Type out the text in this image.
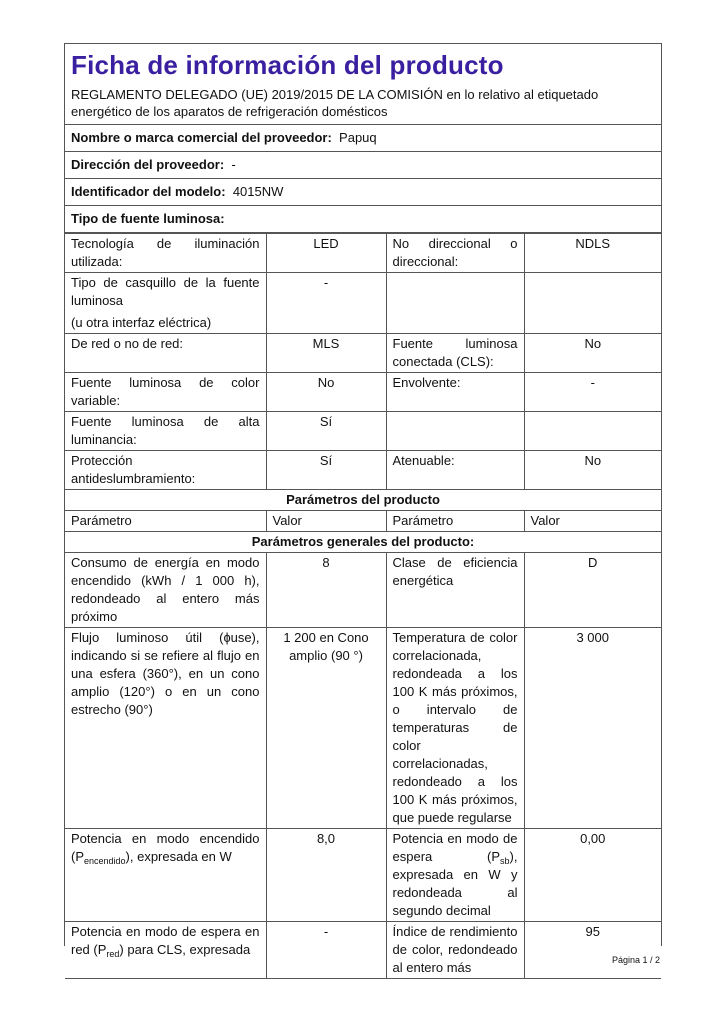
Ficha de información del producto
REGLAMENTO DELEGADO (UE) 2019/2015 DE LA COMISIÓN en lo relativo al etiquetado energético de los aparatos de refrigeración domésticos
Nombre o marca comercial del proveedor: Papuq
Dirección del proveedor: -
Identificador del modelo: 4015NW
Tipo de fuente luminosa:
Tecnología de iluminación utilizada:	LED	No direccional o direccional:	NDLS

Tipo de casquillo de la fuente luminosa
(u otra interfaz eléctrica)	-		
De red o no de red:	MLS	Fuente luminosa conectada (CLS):	No
Fuente luminosa de color variable:	No	Envolvente:	-
Fuente luminosa de alta luminancia:	Sí		
Protección antideslumbramiento:	Sí	Atenuable:	No
Parámetros del producto			
Parámetro	Valor	Parámetro	Valor
Parámetros generales del producto:			
Consumo de energía en modo encendido (kWh / 1 000 h), redondeado al entero más próximo	8	Clase de eficiencia energética	D
Flujo luminoso útil (ɸuse), indicando si se refiere al flujo en una esfera (360°), en un cono amplio (120°) o en un cono estrecho (90°)	1 200 en Cono amplio (90 °)	Temperatura de color correlacionada, redondeada a los 100 K más próximos, o intervalo de temperaturas de color correlacionadas, redondeado a los 100 K más próximos, que puede regularse	3 000
Potencia en modo encendido $(P_{encendido})$, expresada en W	8,0	Potencia en modo de espera $(P_{sb})$, expresada en W y redondeada al segundo decimal	0,00
Potencia en modo de espera en red $(P_{red})$ para CLS, expresada	-	Índice de rendimiento de color, redondeado al entero más	95
Página 1 / 2
